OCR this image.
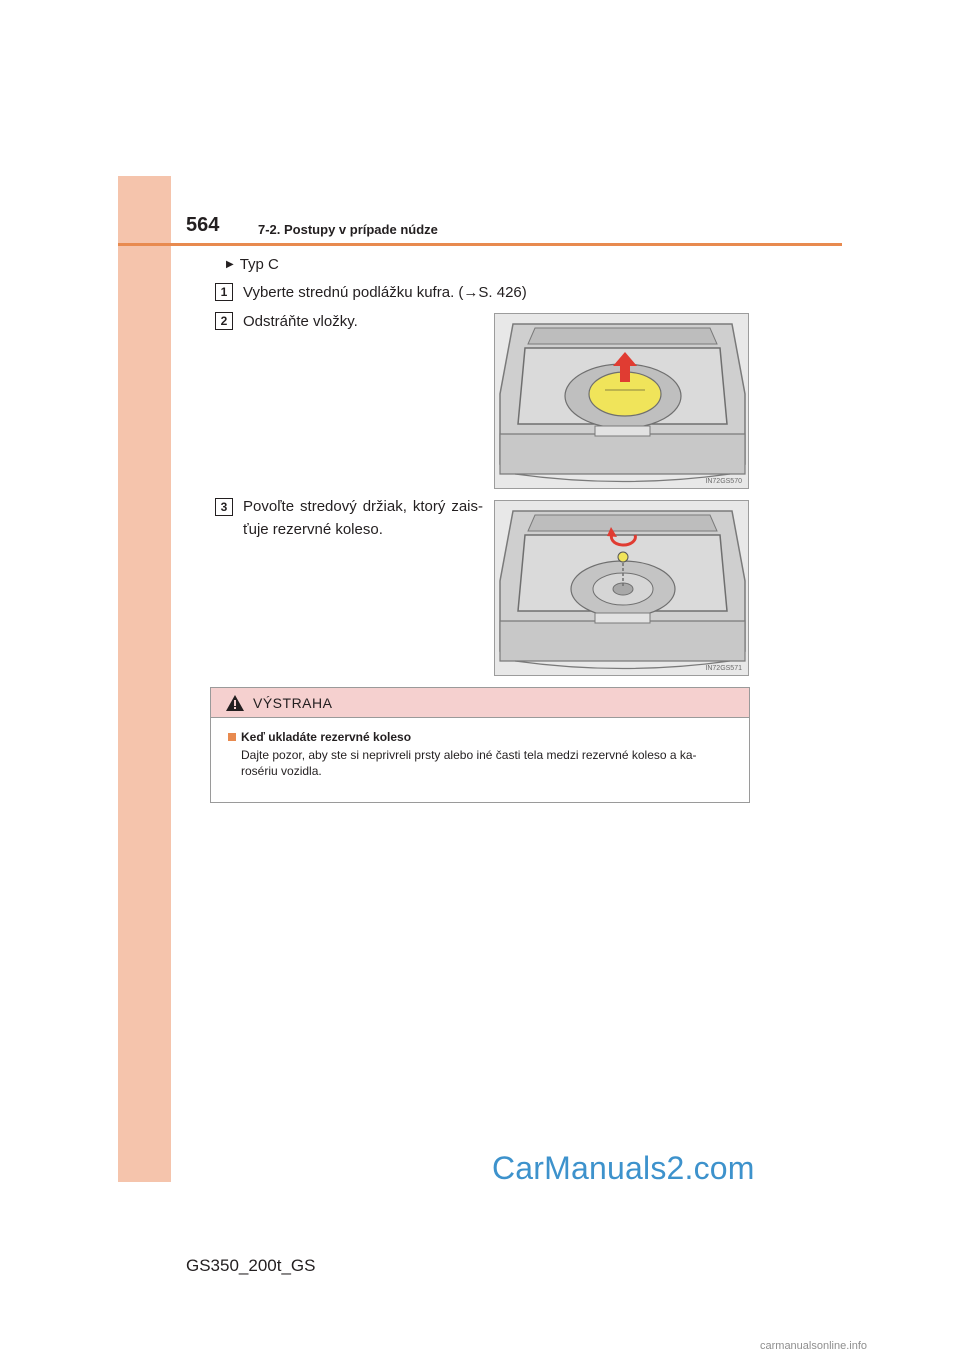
564	7-2. Postupy v prípade núdze
▶ Typ C
1	Vyberte strednú podlážku kufra. (→S. 426)
2	Odstráňte vložky.
IN72GS570
3	Povoľte stredový držiak, ktorý zais-
ťuje rezervné koleso.
IN72GS571
VÝSTRAHA
Keď ukladáte rezervné koleso
Dajte pozor, aby ste si neprivreli prsty alebo iné časti tela medzi rezervné koleso a ka-
rosériu vozidla.
CarManuals2.com
GS350_200t_GS
carmanualsonline.info
